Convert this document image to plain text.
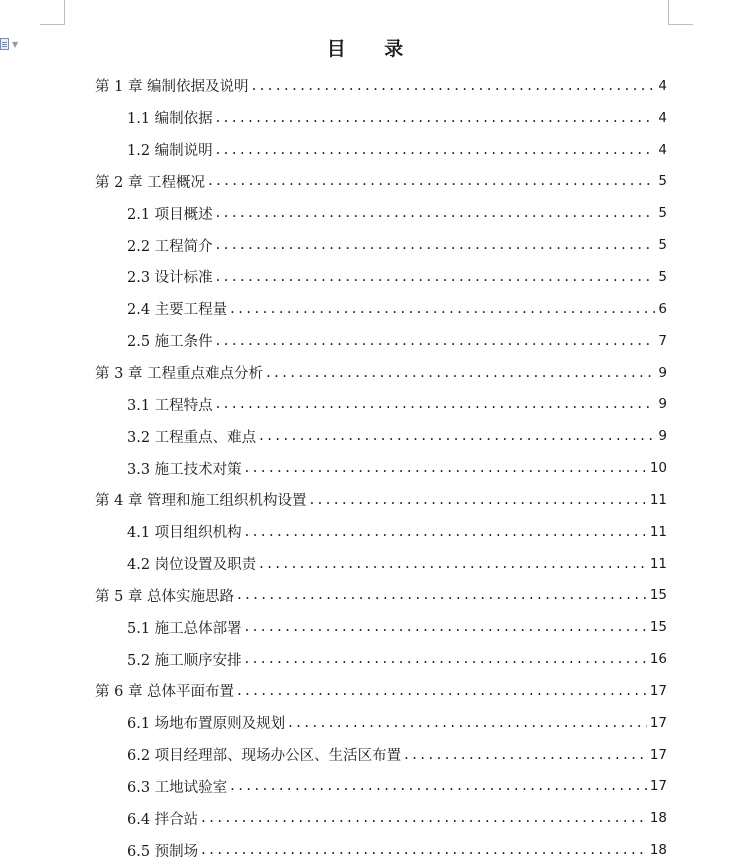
▼	目 录
第 1 章 编制依据及说明 .....	4
1.1 编制依据 .....	4
1.2 编制说明 .....	4
第 2 章 工程概况 .....	5
2.1 项目概述 .....	5
2.2 工程简介 .....	5
2.3 设计标准 .....	5
2.4 主要工程量 .....	6
2.5 施工条件 .....	7
第 3 章 工程重点难点分析 .....	9
3.1 工程特点 .....	9
3.2 工程重点、难点 .....	9
3.3 施工技术对策 .....	10
第 4 章 管理和施工组织机构设置 .....	11
4.1 项目组织机构 .....	11
4.2 岗位设置及职责 .....	11
第 5 章 总体实施思路 .....	15
5.1 施工总体部署 .....	15
5.2 施工顺序安排 .....	16
第 6 章 总体平面布置 .....	17
6.1 场地布置原则及规划 .....	17
6.2 项目经理部、现场办公区、生活区布置 .....	17
6.3 工地试验室 .....	17
6.4 拌合站 .....	18
6.5 预制场 .....	18
